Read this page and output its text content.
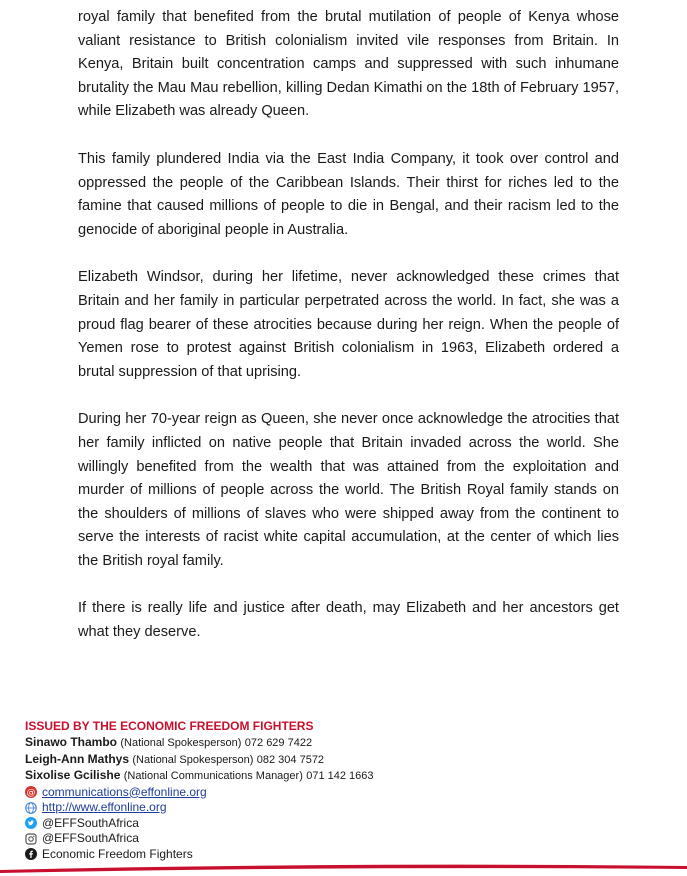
royal family that benefited from the brutal mutilation of people of Kenya whose valiant resistance to British colonialism invited vile responses from Britain. In Kenya, Britain built concentration camps and suppressed with such inhumane brutality the Mau Mau rebellion, killing Dedan Kimathi on the 18th of February 1957, while Elizabeth was already Queen.

This family plundered India via the East India Company, it took over control and oppressed the people of the Caribbean Islands. Their thirst for riches led to the famine that caused millions of people to die in Bengal, and their racism led to the genocide of aboriginal people in Australia.

Elizabeth Windsor, during her lifetime, never acknowledged these crimes that Britain and her family in particular perpetrated across the world. In fact, she was a proud flag bearer of these atrocities because during her reign. When the people of Yemen rose to protest against British colonialism in 1963, Elizabeth ordered a brutal suppression of that uprising.

During her 70-year reign as Queen, she never once acknowledge the atrocities that her family inflicted on native people that Britain invaded across the world. She willingly benefited from the wealth that was attained from the exploitation and murder of millions of people across the world. The British Royal family stands on the shoulders of millions of slaves who were shipped away from the continent to serve the interests of racist white capital accumulation, at the center of which lies the British royal family.

If there is really life and justice after death, may Elizabeth and her ancestors get what they deserve.

ISSUED BY THE ECONOMIC FREEDOM FIGHTERS
Sinawo Thambo (National Spokesperson) 072 629 7422
Leigh-Ann Mathys (National Spokesperson) 082 304 7572
Sixolise Gcilishe (National Communications Manager) 071 142 1663
@ communications@effonline.org
http://www.effonline.org
@EFFSouthAfrica
@EFFSouthAfrica
Economic Freedom Fighters
